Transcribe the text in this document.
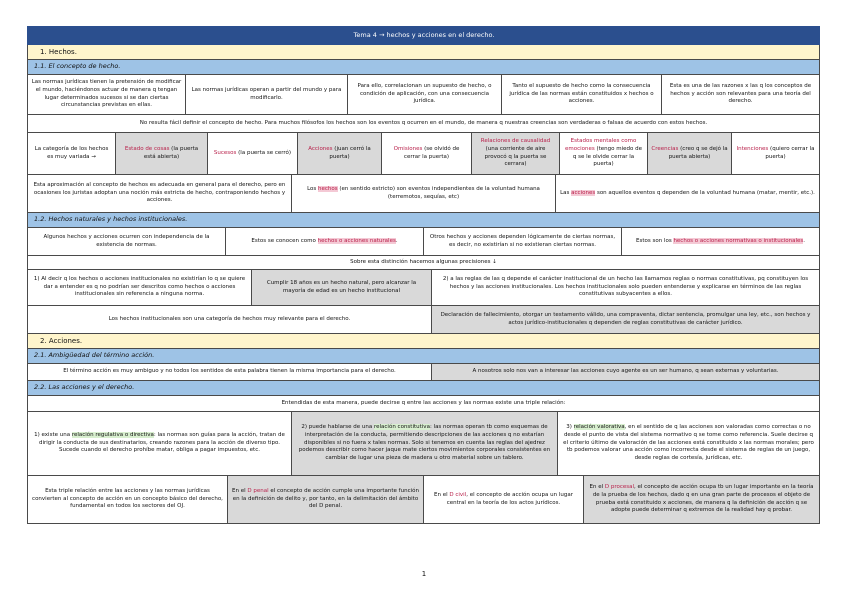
Tema 4 → hechos y acciones en el derecho.
1. Hechos.
1.1. El concepto de hecho.
Las normas jurídicas tienen la pretensión de modificar el mundo, haciéndonos actuar de manera q tengan lugar determinados sucesos si se dan ciertas circunstancias previstas en ellas.
Las normas jurídicas operan a partir del mundo y para modificarlo.
Para ello, correlacionan un supuesto de hecho, o condición de aplicación, con una consecuencia jurídica.
Tanto el supuesto de hecho como la consecuencia jurídica de las normas están constituidos x hechos o acciones.
Esta es una de las razones x las q los conceptos de hechos y acción son relevantes para una teoría del derecho.
No resulta fácil definir el concepto de hecho. Para muchos filósofos los hechos son los eventos q ocurren en el mundo, de manera q nuestras creencias son verdaderas o falsas de acuerdo con estos hechos.
La categoría de los hechos es muy variada →
Estado de cosas (la puerta está abierta)
Sucesos (la puerta se cerró)
Acciones (juan cerró la puerta)
Omisiones (se olvidó de cerrar la puerta)
Relaciones de causalidad (una corriente de aire provocó q la puerta se cerrara)
Estados mentales como emociones (tengo miedo de q se le olvide cerrar la puerta)
Creencias (creo q se dejó la puerta abierta)
Intenciones (quiero cerrar la puerta)
Esta aproximación al concepto de hechos es adecuada en general para el derecho, pero en ocasiones los juristas adoptan una noción más estricta de hecho, contraponiendo hechos y acciones.
Los hechos (en sentido estricto) son eventos independientes de la voluntad humana (terremotos, sequías, etc)
Las acciones son aquellos eventos q dependen de la voluntad humana (matar, mentir, etc.).
1.2. Hechos naturales y hechos institucionales.
Algunos hechos y acciones ocurren con independencia de la existencia de normas.
Estos se conocen como hechos o acciones naturales.
Otros hechos y acciones dependen lógicamente de ciertas normas, es decir, no existirían si no existieran ciertas normas.
Estos son los hechos o acciones normativas o institucionales.
Sobre esta distinción hacemos algunas precisiones ↓
1) Al decir q los hechos o acciones institucionales no existirían lo q se quiere dar a entender es q no podrían ser descritos como hechos o acciones institucionales sin referencia a ninguna norma.
Cumplir 18 años es un hecho natural, pero alcanzar la mayoría de edad es un hecho institucional
2) a las reglas de las q depende el carácter institucional de un hecho las llamamos reglas o normas constitutivas, pq constituyen los hechos y las acciones institucionales. Los hechos institucionales solo pueden entenderse y explicarse en términos de las reglas constitutivas subyacentes a ellos.
Los hechos institucionales son una categoría de hechos muy relevante para el derecho.
Declaración de fallecimiento, otorgar un testamento válido, una compraventa, dictar sentencia, promulgar una ley, etc., son hechos y actos jurídico-institucionales q dependen de reglas constitutivas de carácter jurídico.
2. Acciones.
2.1. Ambigüedad del término acción.
El término acción es muy ambiguo y no todos los sentidos de esta palabra tienen la misma importancia para el derecho.	A nosotros solo nos van a interesar las acciones cuyo agente es un ser humano, q sean externas y voluntarias.
2.2. Las acciones y el derecho.
Entendidas de esta manera, puede decirse q entre las acciones y las normas existe una triple relación:
1) existe una relación regulativa o directiva: las normas son guías para la acción, tratan de dirigir la conducta de sus destinatarios, creando razones para la acción de diverso tipo. Sucede cuando el derecho prohíbe matar, obliga a pagar impuestos, etc.
2) puede hablarse de una relación constitutiva: las normas operan tb como esquemas de interpretación de la conducta, permitiendo descripciones de las acciones q no estarían disponibles si no fuera x tales normas. Solo si tenemos en cuenta las reglas del ajedrez podemos describir como hacer jaque mate ciertos movimientos corporales consistentes en cambiar de lugar una pieza de madera u otro material sobre un tablero.
3) relación valorativa, en el sentido de q las acciones son valoradas como correctas o no desde el punto de vista del sistema normativo q se tome como referencia. Suele decirse q el criterio último de valoración de las acciones está constituido x las normas morales; pero tb podemos valorar una acción como incorrecta desde el sistema de reglas de un juego, desde reglas de cortesía, jurídicas, etc.
Esta triple relación entre las acciones y las normas jurídicas convierten al concepto de acción en un concepto básico del derecho, fundamental en todos los sectores del OJ.
En el D penal el concepto de acción cumple una importante función en la definición de delito y, por tanto, en la delimitación del ámbito del D penal.
En el D civil, el concepto de acción ocupa un lugar central en la teoría de los actos jurídicos.
En el D procesal, el concepto de acción ocupa tb un lugar importante en la teoría de la prueba de los hechos, dado q en una gran parte de procesos el objeto de prueba está constituido x acciones, de manera q la definición de acción q se adopte puede determinar q extremos de la realidad hay q probar.
1
